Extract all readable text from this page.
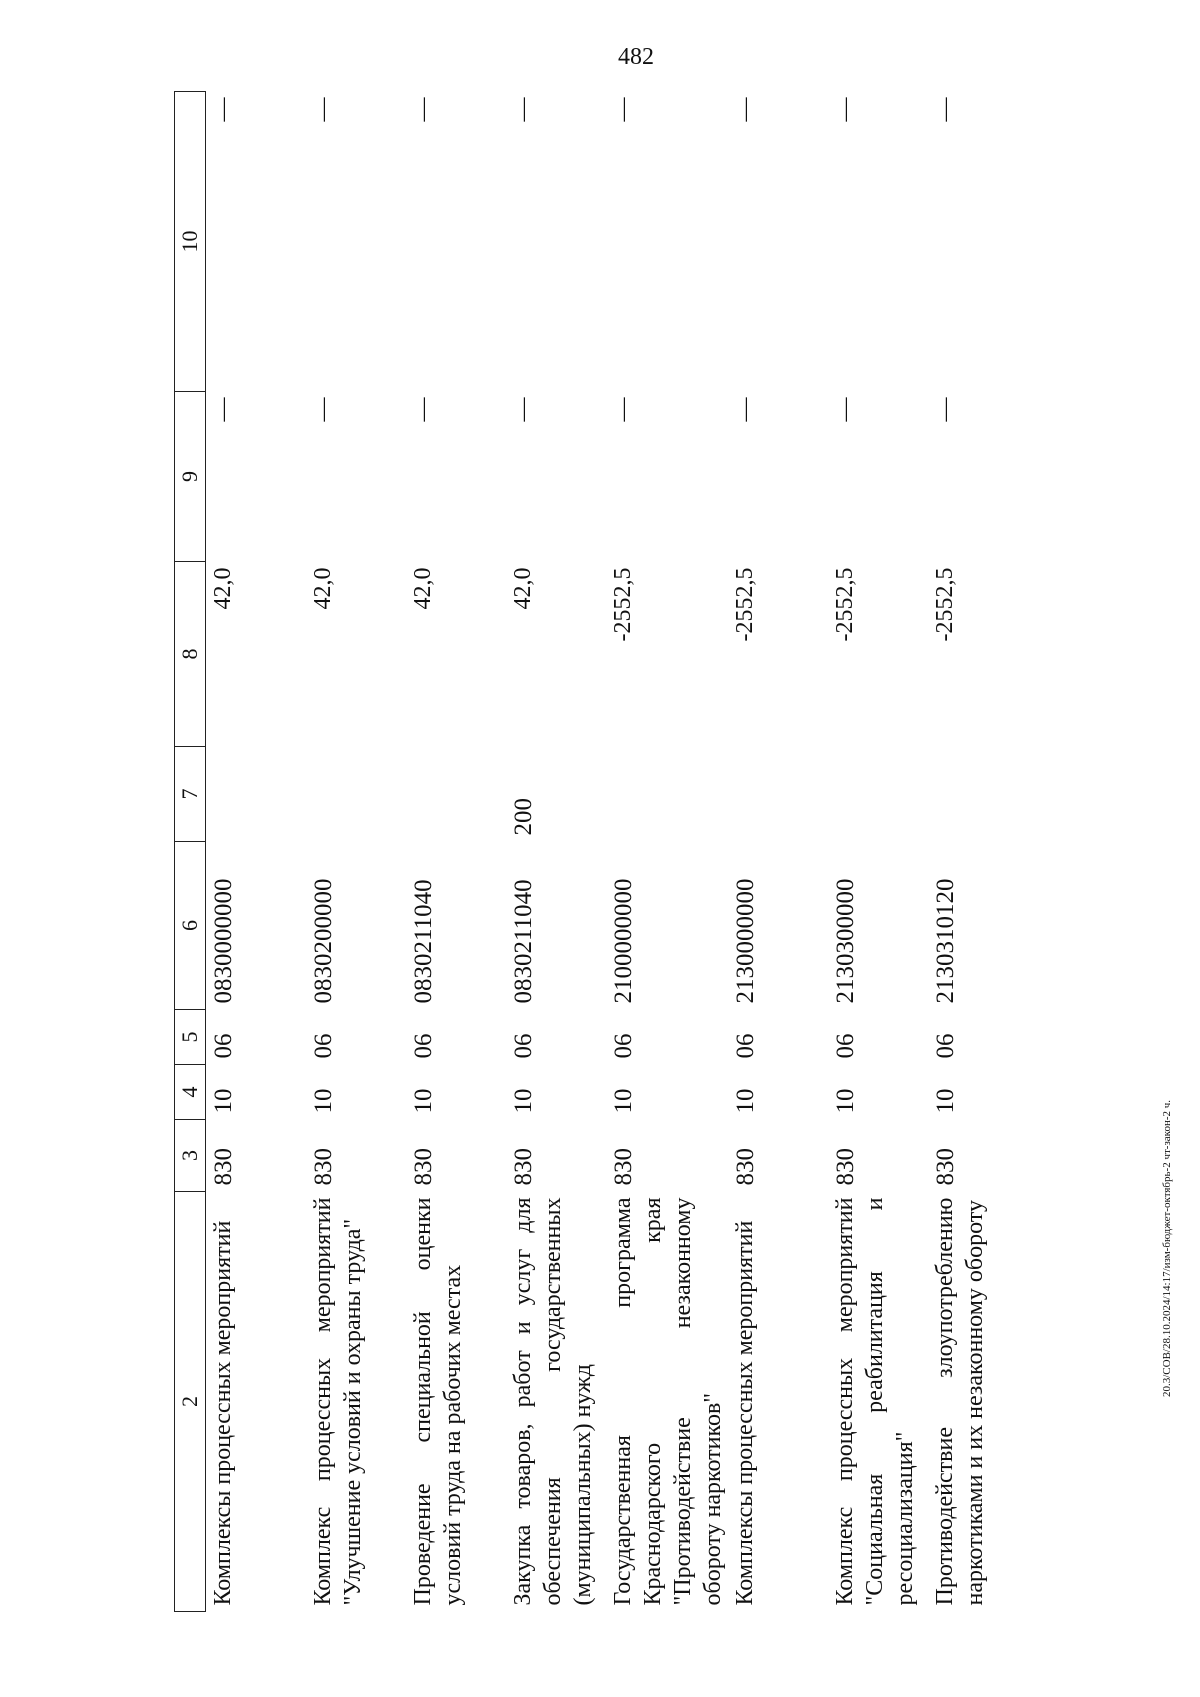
482
2	3	4	5	6	7	8	9	10
Комплексы процессных мероприятий	830	10	06	0830000000		42,0	—	—
Комплекс процессных мероприятий "Улучшение условий и охраны труда"	830	10	06	0830200000		42,0	—	—
Проведение специальной оценки условий труда на рабочих местах	830	10	06	0830211040		42,0	—	—
Закупка товаров, работ и услуг для обеспечения государственных (муниципальных) нужд	830	10	06	0830211040	200	42,0	—	—
Государственная программа Краснодарского края "Противодействие незаконному обороту наркотиков"	830	10	06	2100000000		-2552,5	—	—
Комплексы процессных мероприятий	830	10	06	2130000000		-2552,5	—	—
Комплекс процессных мероприятий "Социальная реабилитация и ресоциализация"	830	10	06	2130300000		-2552,5	—	—
Противодействие злоупотреблению наркотиками и их незаконному обороту	830	10	06	2130310120		-2552,5	—	—
20.3/СОВ/28.10.2024/14:17/изм-бюджет-октябрь-2 чт-закон-2 ч.
